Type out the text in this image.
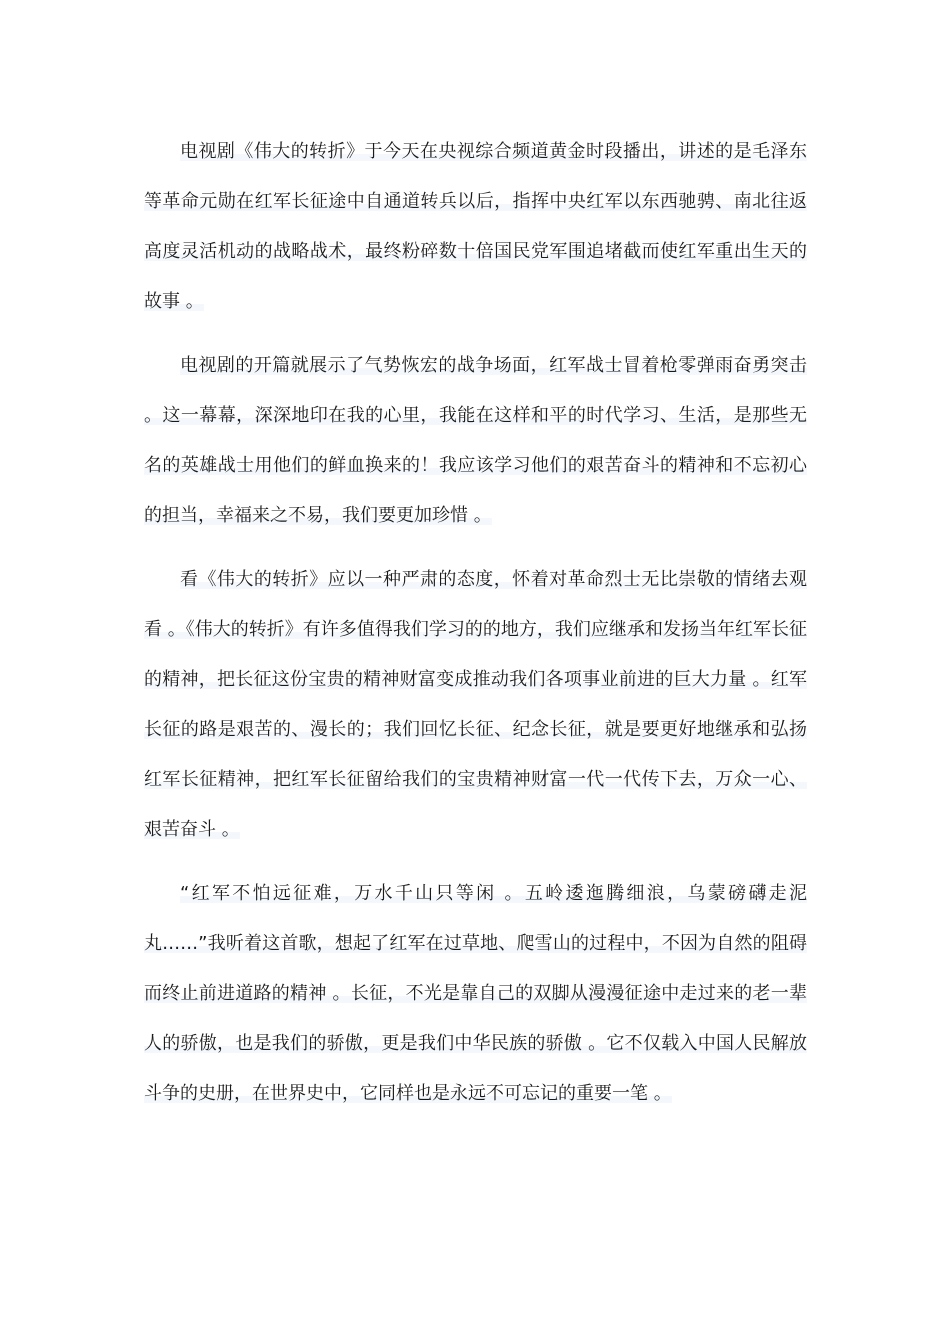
电视剧《伟大的转折》于今天在央视综合频道黄金时段播出，讲述的是毛泽东等革命元勋在红军长征途中自通道转兵以后，指挥中央红军以东西驰骋、南北往返高度灵活机动的战略战术，最终粉碎数十倍国民党军围追堵截而使红军重出生天的故事 。

电视剧的开篇就展示了气势恢宏的战争场面，红军战士冒着枪零弹雨奋勇突击 。这一幕幕，深深地印在我的心里，我能在这样和平的时代学习、生活，是那些无名的英雄战士用他们的鲜血换来的！我应该学习他们的艰苦奋斗的精神和不忘初心的担当，幸福来之不易，我们要更加珍惜 。

看《伟大的转折》应以一种严肃的态度，怀着对革命烈士无比崇敬的情绪去观看 。《伟大的转折》有许多值得我们学习的的地方，我们应继承和发扬当年红军长征的精神，把长征这份宝贵的精神财富变成推动我们各项事业前进的巨大力量 。红军长征的路是艰苦的、漫长的；我们回忆长征、纪念长征，就是要更好地继承和弘扬红军长征精神，把红军长征留给我们的宝贵精神财富一代一代传下去，万众一心、艰苦奋斗 。

“红军不怕远征难，万水千山只等闲 。五岭逶迤腾细浪，乌蒙磅礴走泥丸……”我听着这首歌，想起了红军在过草地、爬雪山的过程中，不因为自然的阻碍而终止前进道路的精神 。长征，不光是靠自己的双脚从漫漫征途中走过来的老一辈人的骄傲，也是我们的骄傲，更是我们中华民族的骄傲 。它不仅载入中国人民解放斗争的史册，在世界史中，它同样也是永远不可忘记的重要一笔 。
